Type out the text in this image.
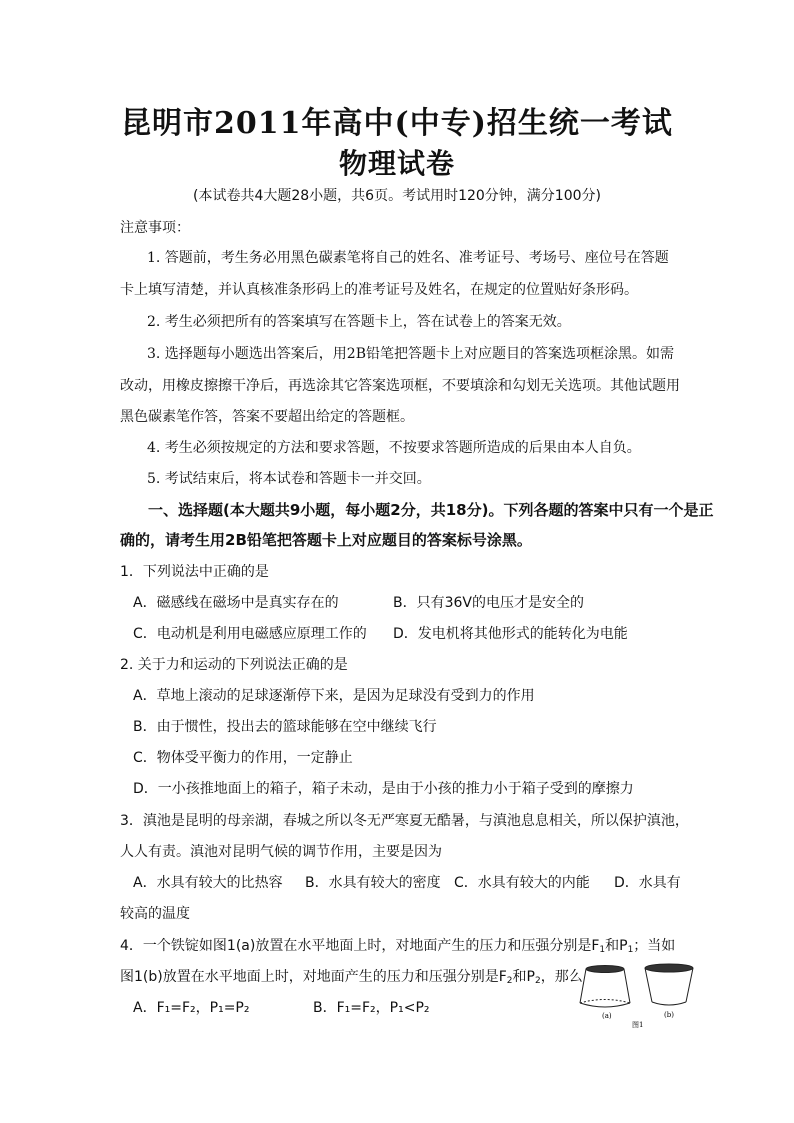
昆明市2011年高中(中专)招生统一考试
物理试卷
(本试卷共4大题28小题，共6页。考试用时120分钟，满分100分)
注意事项：
1. 答题前，考生务必用黑色碳素笔将自己的姓名、准考证号、考场号、座位号在答题
卡上填写清楚，并认真核准条形码上的准考证号及姓名，在规定的位置贴好条形码。
2. 考生必须把所有的答案填写在答题卡上，答在试卷上的答案无效。
3. 选择题每小题选出答案后，用2B铅笔把答题卡上对应题目的答案选项框涂黑。如需
改动，用橡皮擦擦干净后，再选涂其它答案选项框，不要填涂和勾划无关选项。其他试题用
黑色碳素笔作答，答案不要超出给定的答题框。
4. 考生必须按规定的方法和要求答题，不按要求答题所造成的后果由本人自负。
5. 考试结束后，将本试卷和答题卡一并交回。
一、选择题(本大题共9小题，每小题2分，共18分)。下列各题的答案中只有一个是正
确的，请考生用2B铅笔把答题卡上对应题目的答案标号涂黑。
1．下列说法中正确的是
A．磁感线在磁场中是真实存在的	B．只有36V的电压才是安全的
C．电动机是利用电磁感应原理工作的 D．发电机将其他形式的能转化为电能
2. 关于力和运动的下列说法正确的是
A．草地上滚动的足球逐渐停下来，是因为足球没有受到力的作用
B．由于惯性，投出去的篮球能够在空中继续飞行
C．物体受平衡力的作用，一定静止
D．一小孩推地面上的箱子，箱子未动，是由于小孩的推力小于箱子受到的摩擦力
3．滇池是昆明的母亲湖，春城之所以冬无严寒夏无酷暑，与滇池息息相关，所以保护滇池，
人人有责。滇池对昆明气候的调节作用，主要是因为
A．水具有较大的比热容 B．水具有较大的密度 C．水具有较大的内能 D．水具有
较高的温度
4．一个铁锭如图1(a)放置在水平地面上时，对地面产生的压力和压强分别是$F_1$和$P_1$；当如
图1(b)放置在水平地面上时，对地面产生的压力和压强分别是$F_2$和$P_2$，那么
A．F₁=F₂，P₁=P₂	B．F₁=F₂，P₁<P₂	(a)	(b)
图1
